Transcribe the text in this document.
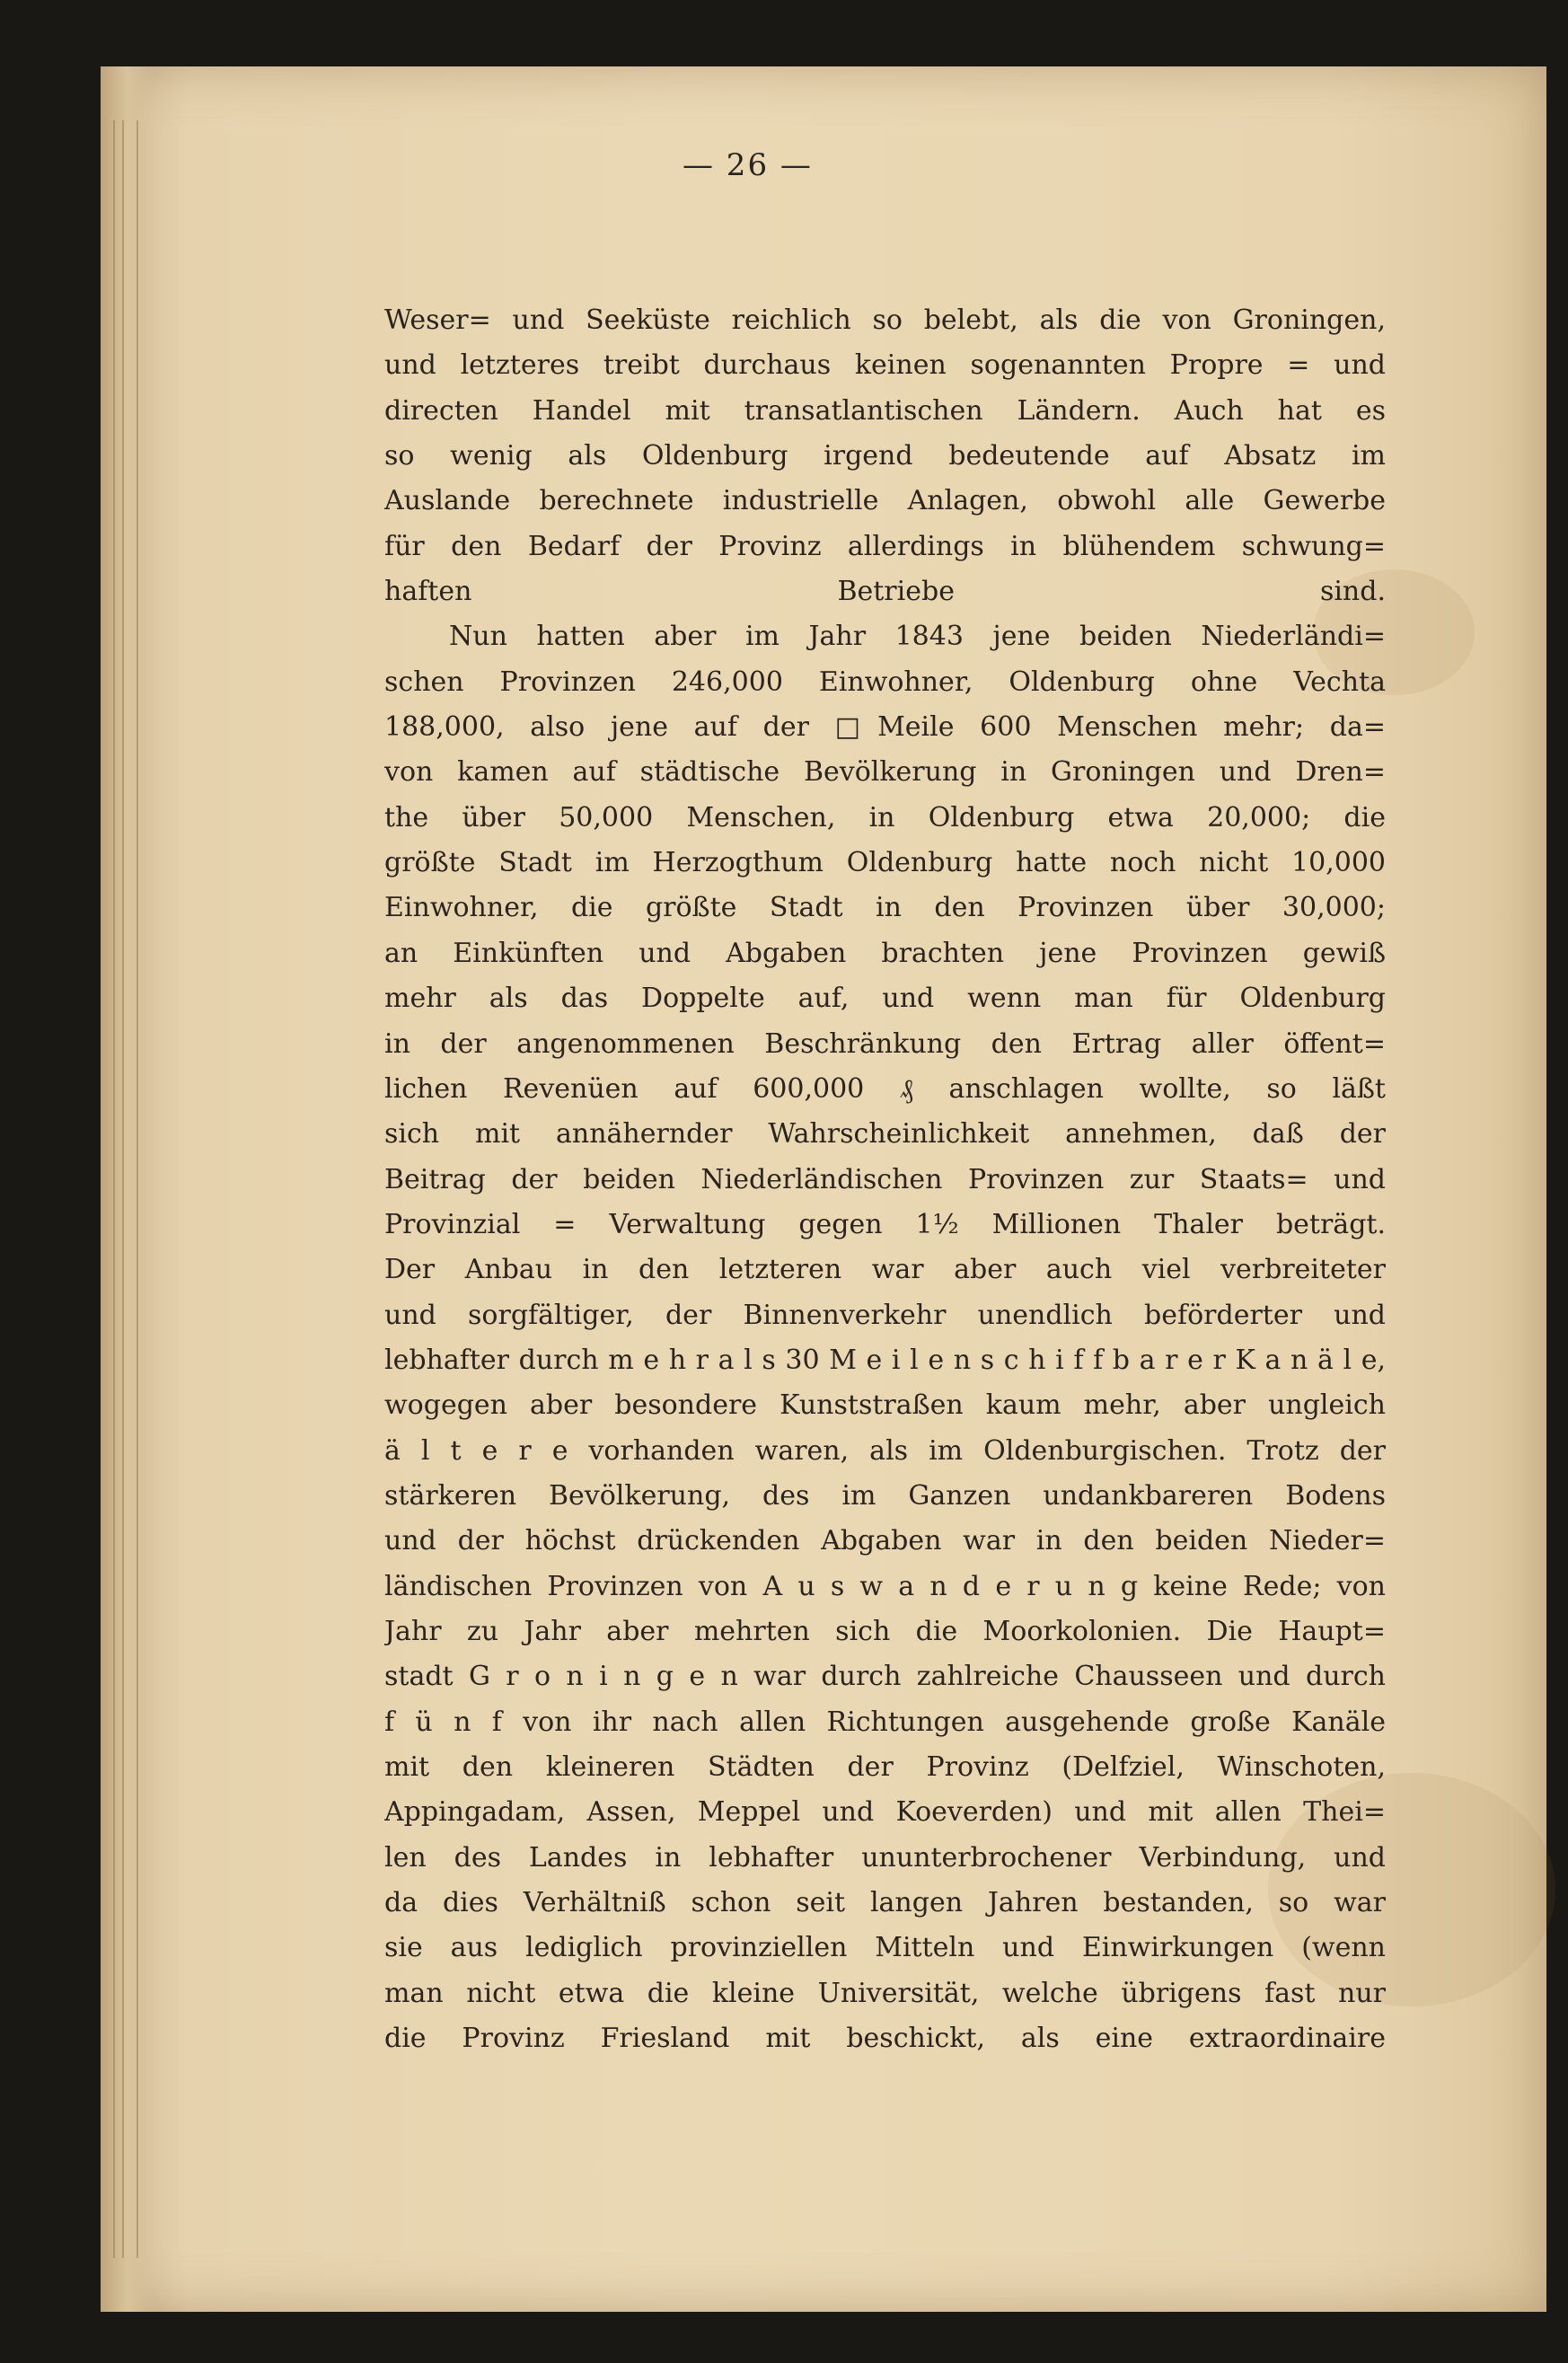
— 26 —
Weser= und Seeküste reichlich so belebt, als die von Groningen,
und letzteres treibt durchaus keinen sogenannten Propre = und
directen Handel mit transatlantischen Ländern. Auch hat es
so wenig als Oldenburg irgend bedeutende auf Absatz im
Auslande berechnete industrielle Anlagen, obwohl alle Gewerbe
für den Bedarf der Provinz allerdings in blühendem schwung=
haften Betriebe sind.
Nun hatten aber im Jahr 1843 jene beiden Niederländi=
schen Provinzen 246,000 Einwohner, Oldenburg ohne Vechta
188,000, also jene auf der □Meile 600 Menschen mehr; da=
von kamen auf städtische Bevölkerung in Groningen und Dren=
the über 50,000 Menschen, in Oldenburg etwa 20,000; die
größte Stadt im Herzogthum Oldenburg hatte noch nicht 10,000
Einwohner, die größte Stadt in den Provinzen über 30,000;
an Einkünften und Abgaben brachten jene Provinzen gewiß
mehr als das Doppelte auf, und wenn man für Oldenburg
in der angenommenen Beschränkung den Ertrag aller öffent=
lichen Revenüen auf 600,000 ₰ anschlagen wollte, so läßt
sich mit annähernder Wahrscheinlichkeit annehmen, daß der
Beitrag der beiden Niederländischen Provinzen zur Staats= und
Provinzial = Verwaltung gegen 1½ Millionen Thaler beträgt.
Der Anbau in den letzteren war aber auch viel verbreiteter
und sorgfältiger, der Binnenverkehr unendlich beförderter und
lebhafter durch m e h r a l s 30 M e i l e n s c h i f f b a r e r K a n ä l e,
wogegen aber besondere Kunststraßen kaum mehr, aber ungleich
ä l t e r e vorhanden waren, als im Oldenburgischen. Trotz der
stärkeren Bevölkerung, des im Ganzen undankbareren Bodens
und der höchst drückenden Abgaben war in den beiden Nieder=
ländischen Provinzen von A u s w a n d e r u n g keine Rede; von
Jahr zu Jahr aber mehrten sich die Moorkolonien. Die Haupt=
stadt G r o n i n g e n war durch zahlreiche Chausseen und durch
f ü n f von ihr nach allen Richtungen ausgehende große Kanäle
mit den kleineren Städten der Provinz (Delfziel, Winschoten,
Appingadam, Assen, Meppel und Koeverden) und mit allen Thei=
len des Landes in lebhafter ununterbrochener Verbindung, und
da dies Verhältniß schon seit langen Jahren bestanden, so war
sie aus lediglich provinziellen Mitteln und Einwirkungen (wenn
man nicht etwa die kleine Universität, welche übrigens fast nur
die Provinz Friesland mit beschickt, als eine extraordinaire
